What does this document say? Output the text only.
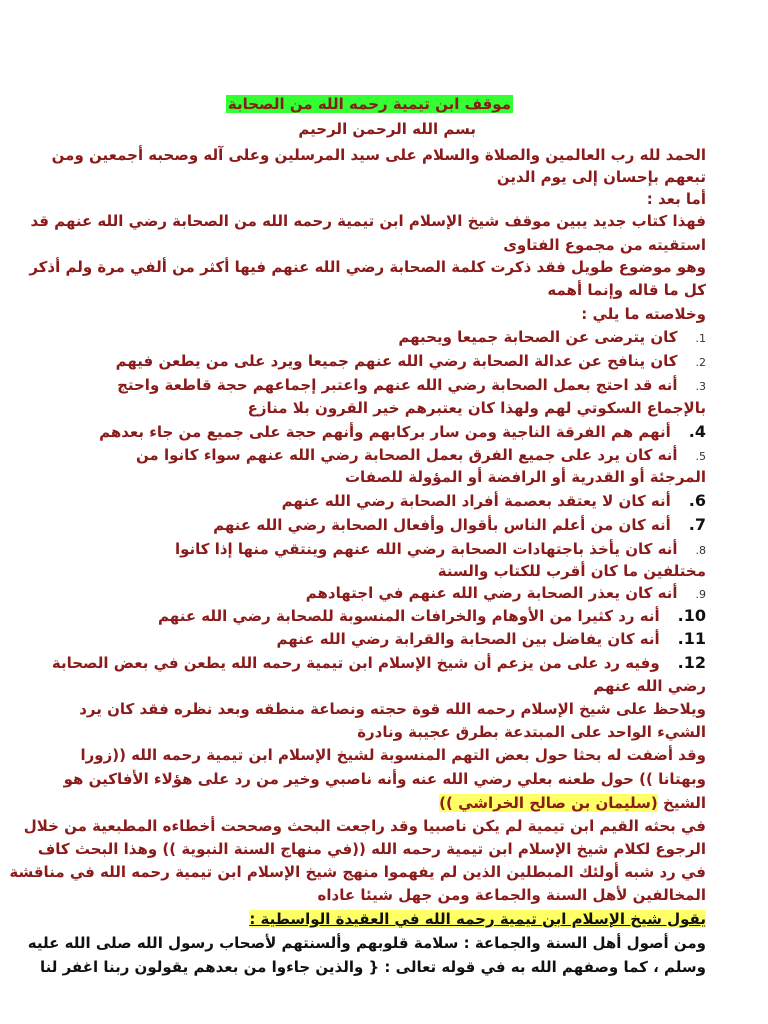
موقف ابن تيمية رحمه الله من الصحابة
بسم الله الرحمن الرحيم
الحمد لله رب العالمين والصلاة والسلام على سيد المرسلين وعلى آله وصحبه أجمعين ومن
تبعهم بإحسان إلى يوم الدين
أما بعد :
فهذا كتاب جديد يبين موقف شيخ الإسلام ابن تيمية رحمه الله من الصحابة رضي الله عنهم قد
استقيته من مجموع الفتاوى
وهو موضوع طويل فقد ذكرت كلمة الصحابة رضي الله عنهم فيها أكثر من ألفي مرة ولم أذكر
كل ما قاله وإنما أهمه
وخلاصته ما يلي :
1.كان يترضى عن الصحابة جميعا ويحبهم
2.كان ينافح عن عدالة الصحابة رضي الله عنهم جميعا ويرد على من يطعن فيهم
3.أنه قد احتج بعمل الصحابة رضي الله عنهم واعتبر إجماعهم حجة قاطعة واحتج
بالإجماع السكوتي لهم ولهذا كان يعتبرهم خير القرون بلا منازع
4.أنهم هم الفرقة الناجية ومن سار بركابهم وأنهم حجة على جميع من جاء بعدهم
5.أنه كان يرد على جميع الفرق بعمل الصحابة رضي الله عنهم سواء كانوا من
المرجئة أو القدرية أو الرافضة أو المؤولة للصفات
6.أنه كان لا يعتقد بعصمة أفراد الصحابة رضي الله عنهم
7.أنه كان من أعلم الناس بأقوال وأفعال الصحابة رضي الله عنهم
8.أنه كان يأخذ باجتهادات الصحابة رضي الله عنهم وينتقي منها إذا كانوا
مختلفين ما كان أقرب للكتاب والسنة
9.أنه كان يعذر الصحابة رضي الله عنهم في اجتهادهم
10.أنه رد كثيرا من الأوهام والخرافات المنسوبة للصحابة رضي الله عنهم
11.أنه كان يفاضل بين الصحابة والقرابة رضي الله عنهم
12.وفيه رد على من يزعم أن شيخ الإسلام ابن تيمية رحمه الله يطعن في بعض الصحابة
رضي الله عنهم
ويلاحظ على شيخ الإسلام رحمه الله قوة حجته ونصاعة منطقه وبعد نظره فقد كان يرد
الشيء الواحد على المبتدعة بطرق عجيبة ونادرة
وقد أضفت له بحثا حول بعض التهم المنسوبة لشيخ الإسلام ابن تيمية رحمه الله ((زورا
وبهتانا )) حول طعنه بعلي رضي الله عنه وأنه ناصبي وخير من رد على هؤلاء الأفاكين هو
الشيخ (سليمان بن صالح الخراشي ))
في بحثه القيم ابن تيمية لم يكن ناصبيا وقد راجعت البحث وصححت أخطاءه المطبعية من خلال
الرجوع لكلام شيخ الإسلام ابن تيمية رحمه الله ((في منهاج السنة النبوية )) وهذا البحث كاف
في رد شبه أولئك المبطلين الذين لم يفهموا منهج شيخ الإسلام ابن تيمية رحمه الله في مناقشة
المخالفين لأهل السنة والجماعة ومن جهل شيئا عاداه
يقول شيخ الإسلام ابن تيمية رحمه الله في العقيدة الواسطية :
ومن أصول أهل السنة والجماعة : سلامة قلوبهم وألسنتهم لأصحاب رسول الله صلى الله عليه
وسلم ، كما وصفهم الله به في قوله تعالى : { والذين جاءوا من بعدهم يقولون ربنا اغفر لنا
